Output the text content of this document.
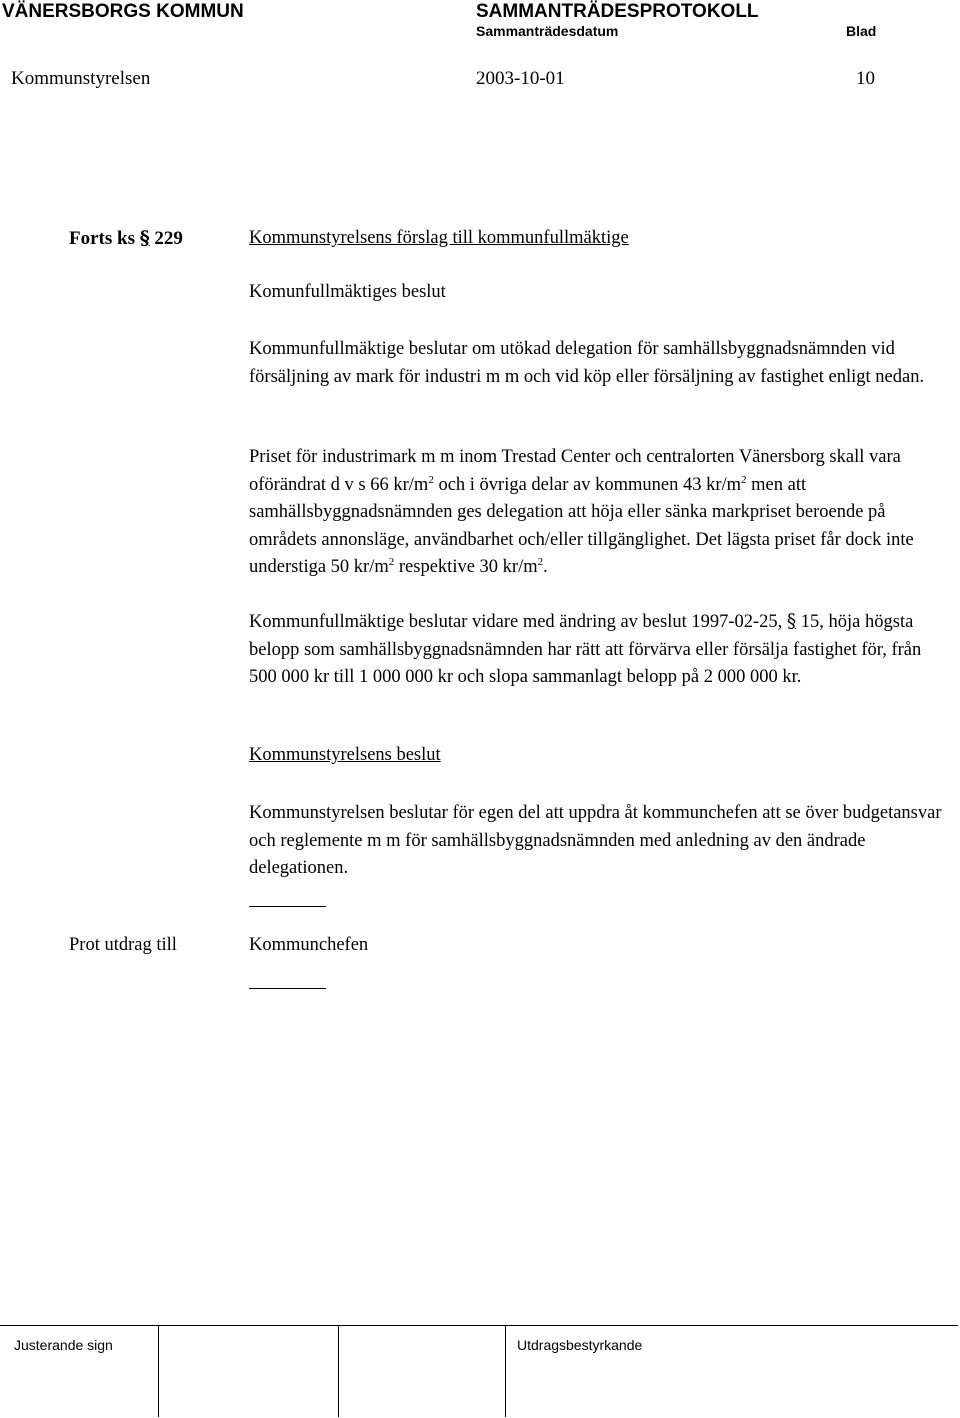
VÄNERSBORGS KOMMUN	SAMMANTRÄDESPROTOKOLL
Sammanträdesdatum	Blad
Kommunstyrelsen	2003-10-01	10
Forts ks § 229	Kommunstyrelsens förslag till kommunfullmäktige
Komunfullmäktiges beslut
Kommunfullmäktige beslutar om utökad delegation för samhällsbyggnadsnämnden vid försäljning av mark för industri m m och vid köp eller försäljning av fastighet enligt nedan.
Priset för industrimark m m inom Trestad Center och centralorten Vänersborg skall vara oförändrat d v s 66 $kr/m^2$ och i övriga delar av kommunen 43 $kr/m^2$ men att samhällsbyggnadsnämnden ges delegation att höja eller sänka markpriset beroende på områdets annonsläge, användbarhet och/eller tillgänglighet. Det lägsta priset får dock inte understiga 50 $kr/m^2$ respektive 30 $kr/m^2$.
Kommunfullmäktige beslutar vidare med ändring av beslut 1997-02-25, § 15, höja högsta belopp som samhällsbyggnadsnämnden har rätt att förvärva eller försälja fastighet för, från 500 000 kr till 1 000 000 kr och slopa sammanlagt belopp på 2 000 000 kr.
Kommunstyrelsens beslut
Kommunstyrelsen beslutar för egen del att uppdra åt kommunchefen att se över budgetansvar och reglemente m m för samhällsbyggnadsnämnden med anledning av den ändrade delegationen.
Prot utdrag till	Kommunchefen
Justerande sign	Utdragsbestyrkande
